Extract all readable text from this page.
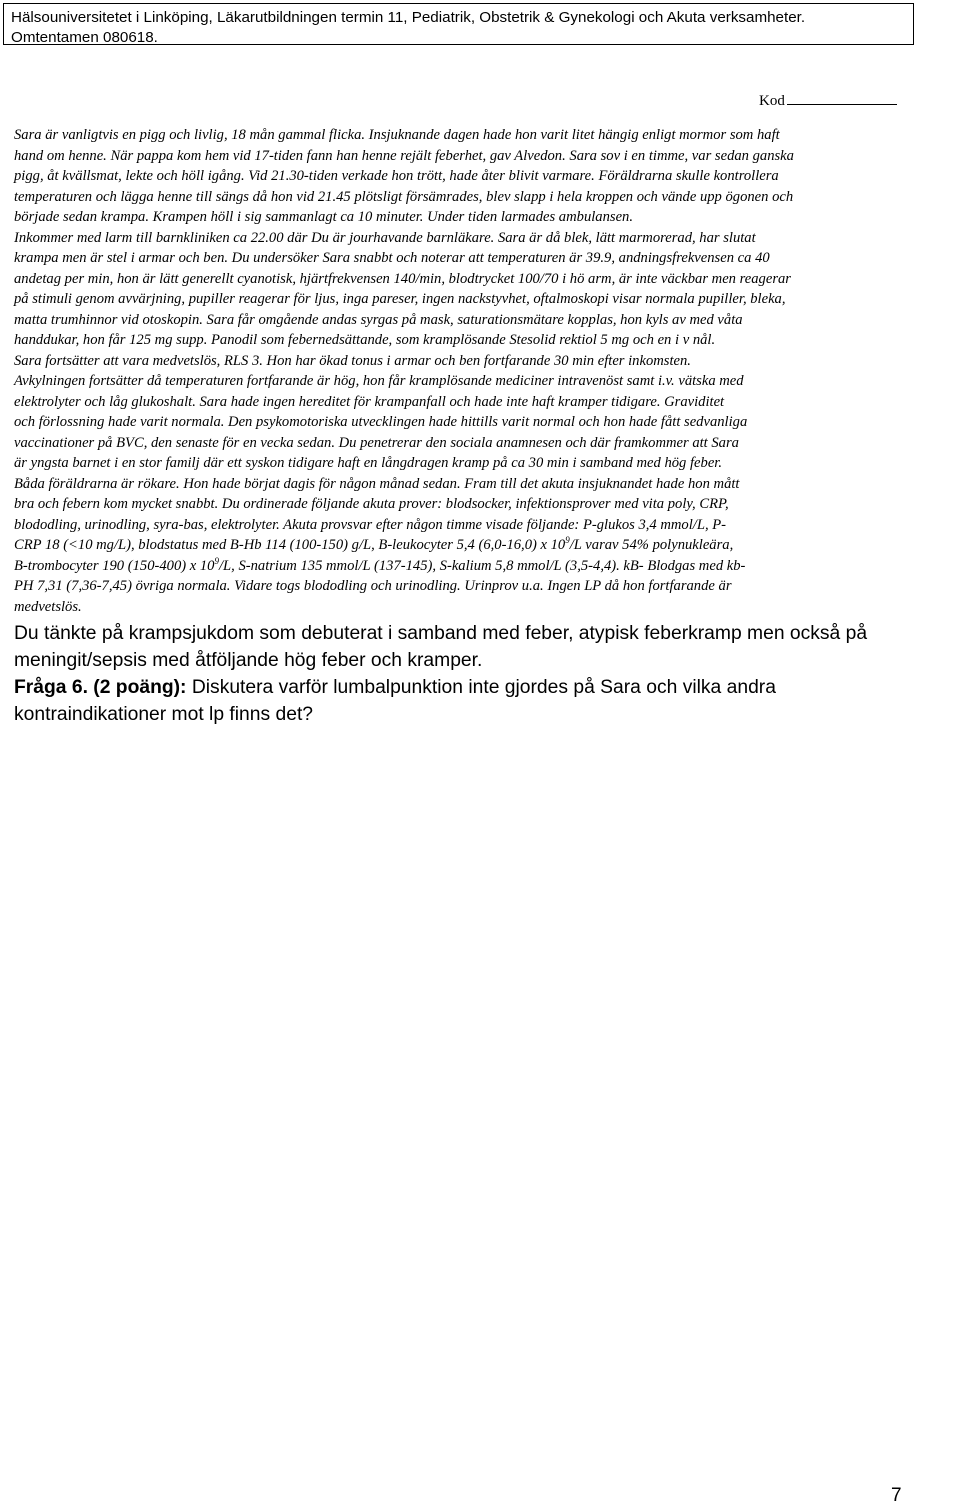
Hälsouniversitetet i Linköping, Läkarutbildningen termin 11, Pediatrik, Obstetrik & Gynekologi och Akuta verksamheter.
Omtentamen 080618.
Kod
Sara är vanligtvis en pigg och livlig, 18 mån gammal flicka. Insjuknande dagen hade hon varit litet hängig enligt mormor som haft
hand om henne. När pappa kom hem vid 17-tiden fann han henne rejält feberhet, gav Alvedon. Sara sov i en timme, var sedan ganska
pigg, åt kvällsmat, lekte och höll igång. Vid 21.30-tiden verkade hon trött, hade åter blivit varmare. Föräldrarna skulle kontrollera
temperaturen och lägga henne till sängs då hon vid 21.45 plötsligt försämrades, blev slapp i hela kroppen och vände upp ögonen och
började sedan krampa. Krampen höll i sig sammanlagt ca 10 minuter. Under tiden larmades ambulansen.
Inkommer med larm till barnkliniken ca 22.00 där Du är jourhavande barnläkare. Sara är då blek, lätt marmorerad, har slutat
krampa men är stel i armar och ben. Du undersöker Sara snabbt och noterar att temperaturen är 39.9, andningsfrekvensen ca 40
andetag per min, hon är lätt generellt cyanotisk, hjärtfrekvensen 140/min, blodtrycket 100/70 i hö arm, är inte väckbar men reagerar
på stimuli genom avvärjning, pupiller reagerar för ljus, inga pareser, ingen nackstyvhet, oftalmoskopi visar normala pupiller, bleka,
matta trumhinnor vid otoskopin. Sara får omgående andas syrgas på mask, saturationsmätare kopplas, hon kyls av med våta
handdukar, hon får 125 mg supp. Panodil som febernedsättande, som kramplösande Stesolid rektiol 5 mg och en i v nål.
Sara fortsätter att vara medvetslös, RLS 3. Hon har ökad tonus i armar och ben fortfarande 30 min efter inkomsten.
Avkylningen fortsätter då temperaturen fortfarande är hög, hon får kramplösande mediciner intravenöst samt i.v. vätska med
elektrolyter och låg glukoshalt. Sara hade ingen hereditet för krampanfall och hade inte haft kramper tidigare. Graviditet
och förlossning hade varit normala. Den psykomotoriska utvecklingen hade hittills varit normal och hon hade fått sedvanliga
vaccinationer på BVC, den senaste för en vecka sedan. Du penetrerar den sociala anamnesen och där framkommer att Sara
är yngsta barnet i en stor familj där ett syskon tidigare haft en långdragen kramp på ca 30 min i samband med hög feber.
Båda föräldrarna är rökare. Hon hade börjat dagis för någon månad sedan. Fram till det akuta insjuknandet hade hon mått
bra och febern kom mycket snabbt. Du ordinerade följande akuta prover: blodsocker, infektionsprover med vita poly, CRP,
blododling, urinodling, syra-bas, elektrolyter. Akuta provsvar efter någon timme visade följande: P-glukos 3,4 mmol/L, P-
CRP 18 (<10 mg/L), blodstatus med B-Hb 114 (100-150) g/L, B-leukocyter 5,4 (6,0-16,0) x $10^9/L$ varav 54% polynukleära,
B-trombocyter 190 (150-400) x $10^9/L$, S-natrium 135 mmol/L (137-145), S-kalium 5,8 mmol/L (3,5-4,4). kB- Blodgas med kb-
PH 7,31 (7,36-7,45) övriga normala. Vidare togs blododling och urinodling. Urinprov u.a. Ingen LP då hon fortfarande är
medvetslös.
Du tänkte på krampsjukdom som debuterat i samband med feber, atypisk feberkramp men också på
meningit/sepsis med åtföljande hög feber och kramper.
Fråga 6. (2 poäng): Diskutera varför lumbalpunktion inte gjordes på Sara och vilka andra
kontraindikationer mot lp finns det?
7
